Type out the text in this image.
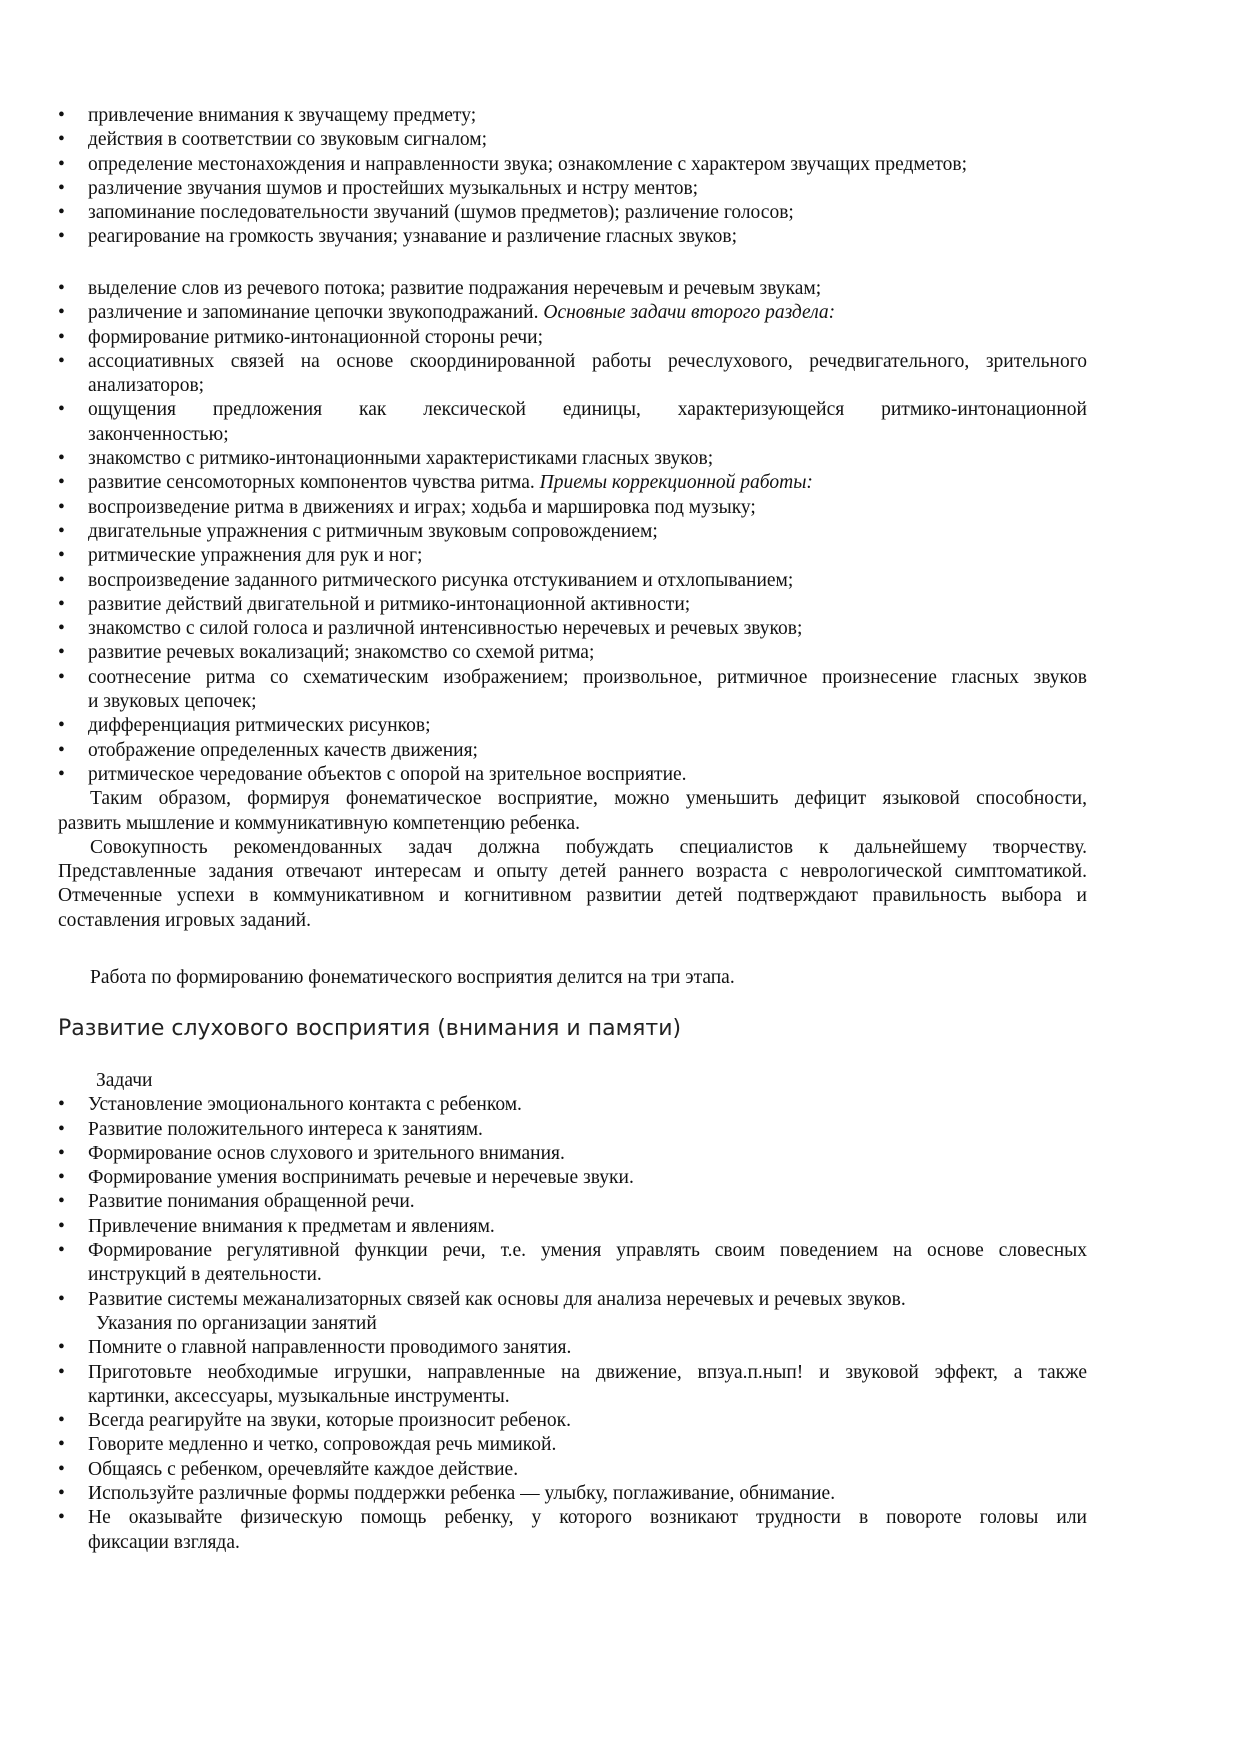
• привлечение внимания к звучащему предмету;
• действия в соответствии со звуковым сигналом;
• определение местонахождения и направленности звука; ознакомление с характером звучащих предметов;
• различение звучания шумов и простейших музыкальных и нстру ментов;
• запоминание последовательности звучаний (шумов предметов); различение голосов;
• реагирование на громкость звучания; узнавание и различение гласных звуков;
• выделение слов из речевого потока; развитие подражания неречевым и речевым звукам;
• различение и запоминание цепочки звукоподражаний. Основные задачи второго раздела:
• формирование ритмико-интонационной стороны речи;
• ассоциативных связей на основе скоординированной работы речеслухового, речедвигательного, зрительного
анализаторов;
• ощущения предложения как лексической единицы, характеризующейся ритмико-интонационной
законченностью;
• знакомство с ритмико-интонационными характеристиками гласных звуков;
• развитие сенсомоторных компонентов чувства ритма. Приемы коррекционной работы:
• воспроизведение ритма в движениях и играх; ходьба и маршировка под музыку;
• двигательные упражнения с ритмичным звуковым сопровождением;
• ритмические упражнения для рук и ног;
• воспроизведение заданного ритмического рисунка отстукиванием и отхлопыванием;
• развитие действий двигательной и ритмико-интонационной активности;
• знакомство с силой голоса и различной интенсивностью неречевых и речевых звуков;
• развитие речевых вокализаций; знакомство со схемой ритма;
• соотнесение ритма со схематическим изображением; произвольное, ритмичное произнесение гласных звуков
и звуковых цепочек;
• дифференциация ритмических рисунков;
• отображение определенных качеств движения;
• ритмическое чередование объектов с опорой на зрительное восприятие.
Таким образом, формируя фонематическое восприятие, можно уменьшить дефицит языковой способности,
развить мышление и коммуникативную компетенцию ребенка.
Совокупность рекомендованных задач должна побуждать специалистов к дальнейшему творчеству.
Представленные задания отвечают интересам и опыту детей раннего возраста с неврологической симптоматикой.
Отмеченные успехи в коммуникативном и когнитивном развитии детей подтверждают правильность выбора и
составления игровых заданий.
Работа по формированию фонематического восприятия делится на три этапа.
Развитие слухового восприятия (внимания и памяти)
Задачи
• Установление эмоционального контакта с ребенком.
• Развитие положительного интереса к занятиям.
• Формирование основ слухового и зрительного внимания.
• Формирование умения воспринимать речевые и неречевые звуки.
• Развитие понимания обращенной речи.
• Привлечение внимания к предметам и явлениям.
• Формирование регулятивной функции речи, т.е. умения управлять своим поведением на основе словесных
инструкций в деятельности.
• Развитие системы межанализаторных связей как основы для анализа неречевых и речевых звуков.
Указания по организации занятий
• Помните о главной направленности проводимого занятия.
• Приготовьте необходимые игрушки, направленные на движение, впзуа.п.нып! и звуковой эффект, а также
картинки, аксессуары, музыкальные инструменты.
• Всегда реагируйте на звуки, которые произносит ребенок.
• Говорите медленно и четко, сопровождая речь мимикой.
• Общаясь с ребенком, оречевляйте каждое действие.
• Используйте различные формы поддержки ребенка — улыбку, поглаживание, обнимание.
• Не оказывайте физическую помощь ребенку, у которого возникают трудности в повороте головы или
фиксации взгляда.
